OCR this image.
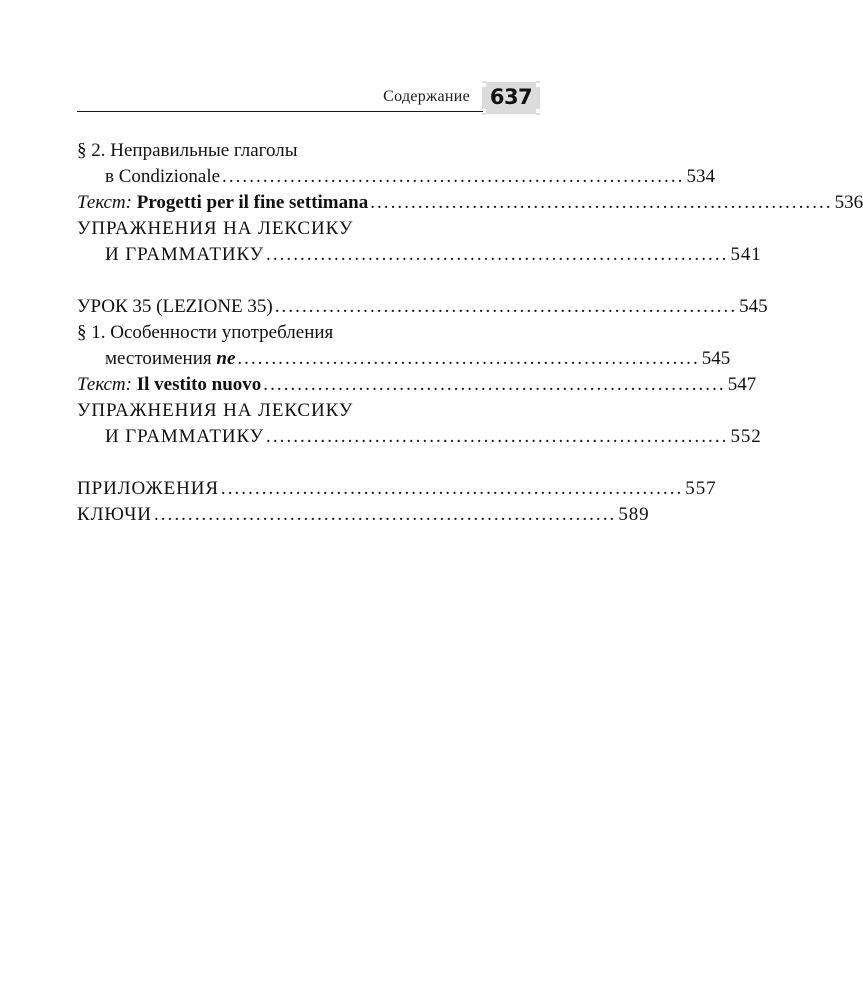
Содержание 637
§ 2. Неправильные глаголы
в Condizionale .................................................................... 534
Текст:
Progetti per il fine settimana .................................................................... 536
УПРАЖНЕНИЯ НА ЛЕКСИКУ
И ГРАММАТИКУ .................................................................... 541
УРОК 35 (LEZIONE 35) .................................................................... 545
§ 1. Особенности употребления
местоимения
ne .................................................................... 545
Текст:
Il vestito nuovo .................................................................... 547
УПРАЖНЕНИЯ НА ЛЕКСИКУ
И ГРАММАТИКУ .................................................................... 552
ПРИЛОЖЕНИЯ .................................................................... 557
КЛЮЧИ .................................................................... 589
